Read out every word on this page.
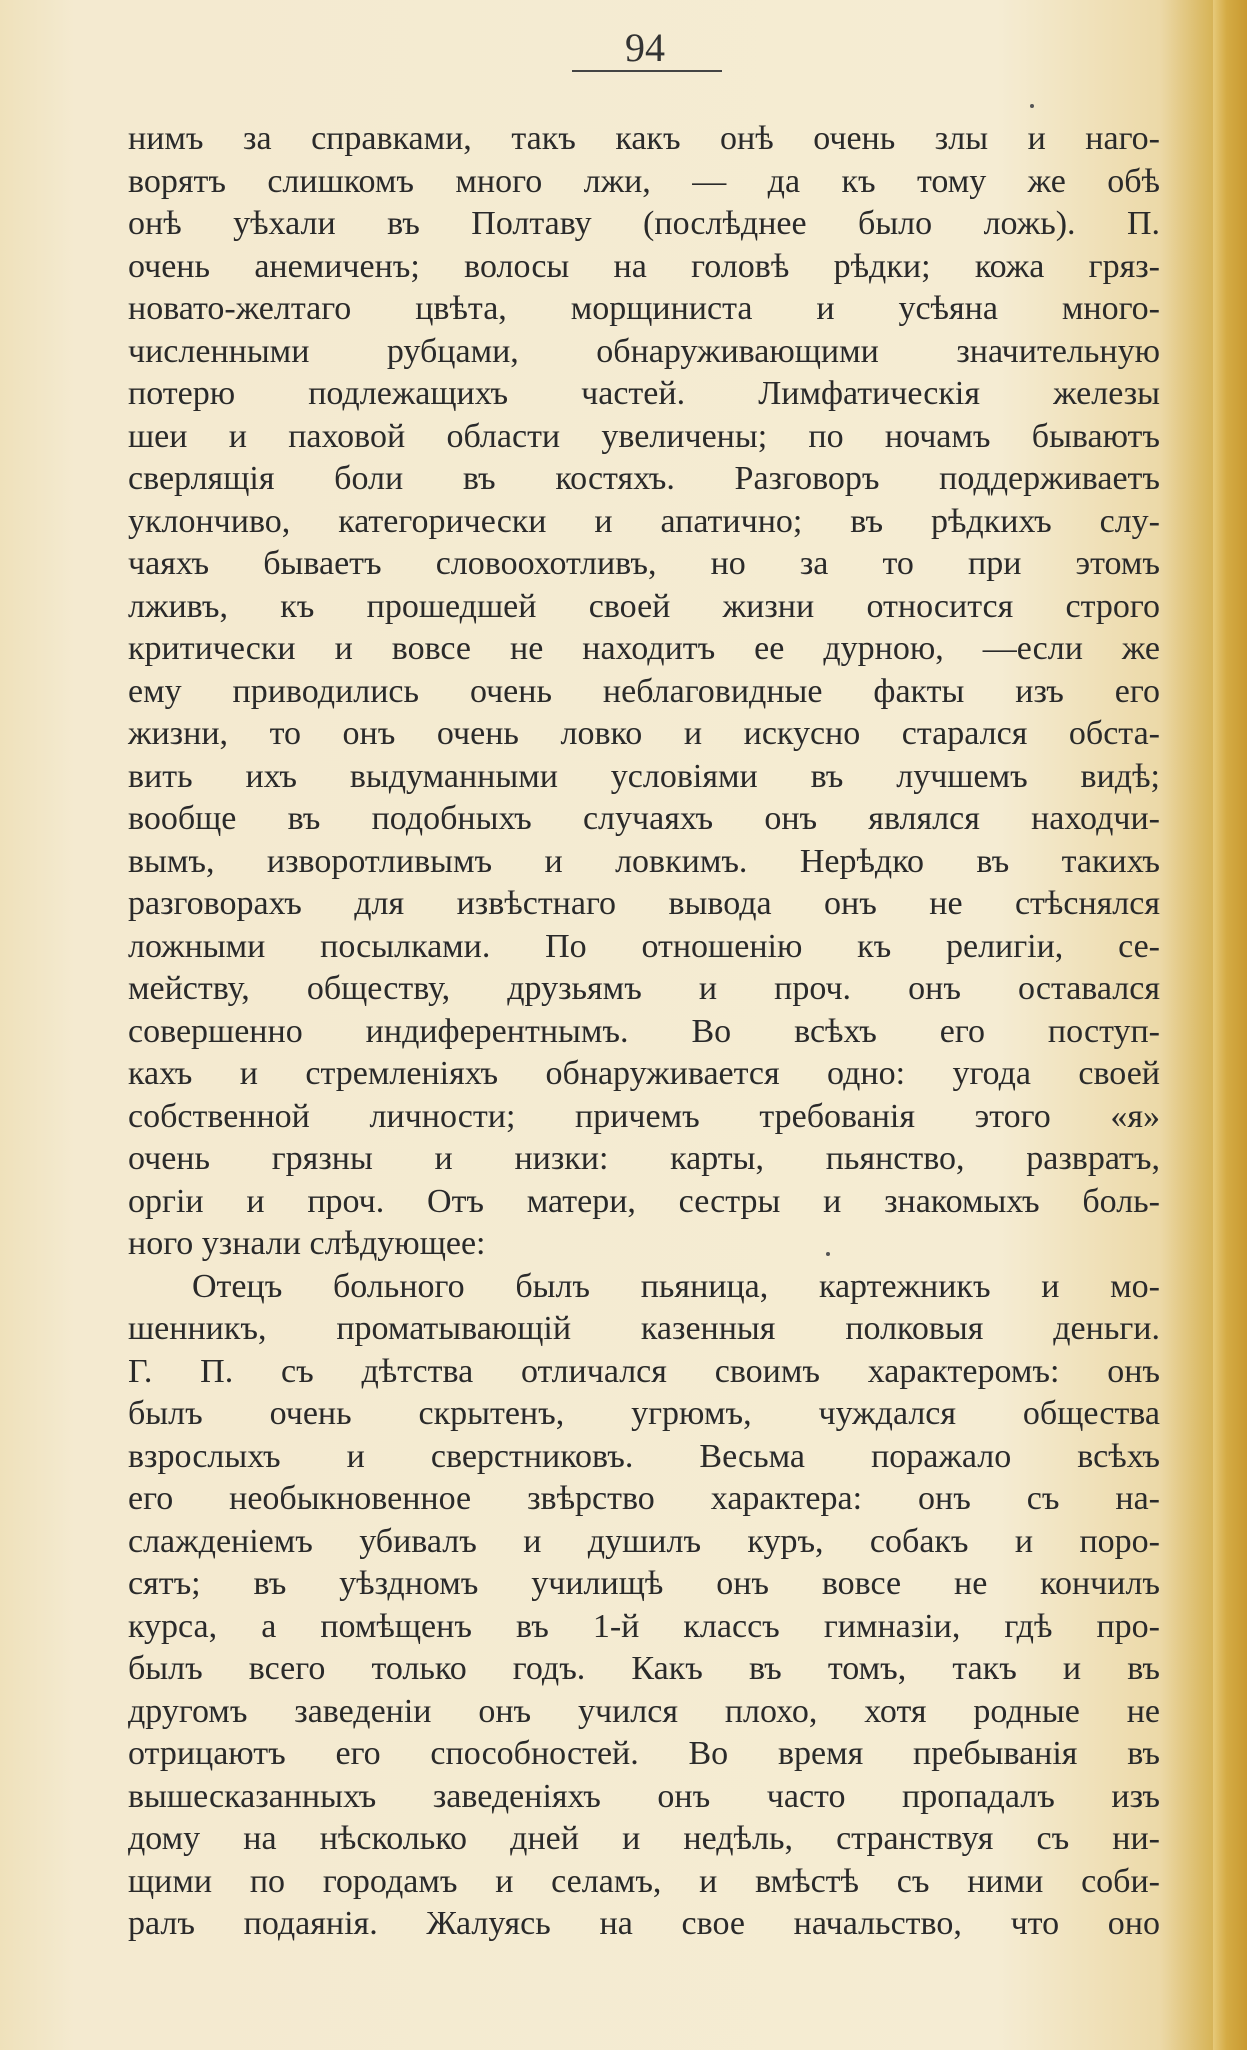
94
нимъ за справками, такъ какъ онѣ очень злы и наго-
ворятъ слишкомъ много лжи, — да къ тому же обѣ
онѣ уѣхали въ Полтаву (послѣднее было ложь). П.
очень анемиченъ; волосы на головѣ рѣдки; кожа гряз-
новато-желтаго цвѣта, морщиниста и усѣяна много-
численными рубцами, обнаруживающими значительную
потерю подлежащихъ частей. Лимфатическія железы
шеи и паховой области увеличены; по ночамъ бываютъ
сверлящія боли въ костяхъ. Разговоръ поддерживаетъ
уклончиво, категорически и апатично; въ рѣдкихъ слу-
чаяхъ бываетъ словоохотливъ, но за то при этомъ
лживъ, къ прошедшей своей жизни относится строго
критически и вовсе не находитъ ее дурною, —если же
ему приводились очень неблаговидные факты изъ его
жизни, то онъ очень ловко и искусно старался обста-
вить ихъ выдуманными условіями въ лучшемъ видѣ;
вообще въ подобныхъ случаяхъ онъ являлся находчи-
вымъ, изворотливымъ и ловкимъ. Нерѣдко въ такихъ
разговорахъ для извѣстнаго вывода онъ не стѣснялся
ложными посылками. По отношенію къ религіи, се-
мейству, обществу, друзьямъ и проч. онъ оставался
совершенно индиферентнымъ. Во всѣхъ его поступ-
кахъ и стремленіяхъ обнаруживается одно: угода своей
собственной личности; причемъ требованія этого «я»
очень грязны и низки: карты, пьянство, развратъ,
оргіи и проч. Отъ матери, сестры и знакомыхъ боль-
ного узнали слѣдующее:
Отецъ больного былъ пьяница, картежникъ и мо-
шенникъ, проматывающій казенныя полковыя деньги.
Г. П. съ дѣтства отличался своимъ характеромъ: онъ
былъ очень скрытенъ, угрюмъ, чуждался общества
взрослыхъ и сверстниковъ. Весьма поражало всѣхъ
его необыкновенное звѣрство характера: онъ съ на-
слажденіемъ убивалъ и душилъ куръ, собакъ и поро-
сятъ; въ уѣздномъ училищѣ онъ вовсе не кончилъ
курса, а помѣщенъ въ 1-й классъ гимназіи, гдѣ про-
былъ всего только годъ. Какъ въ томъ, такъ и въ
другомъ заведеніи онъ учился плохо, хотя родные не
отрицаютъ его способностей. Во время пребыванія въ
вышесказанныхъ заведеніяхъ онъ часто пропадалъ изъ
дому на нѣсколько дней и недѣль, странствуя съ ни-
щими по городамъ и селамъ, и вмѣстѣ съ ними соби-
ралъ подаянія. Жалуясь на свое начальство, что оно
